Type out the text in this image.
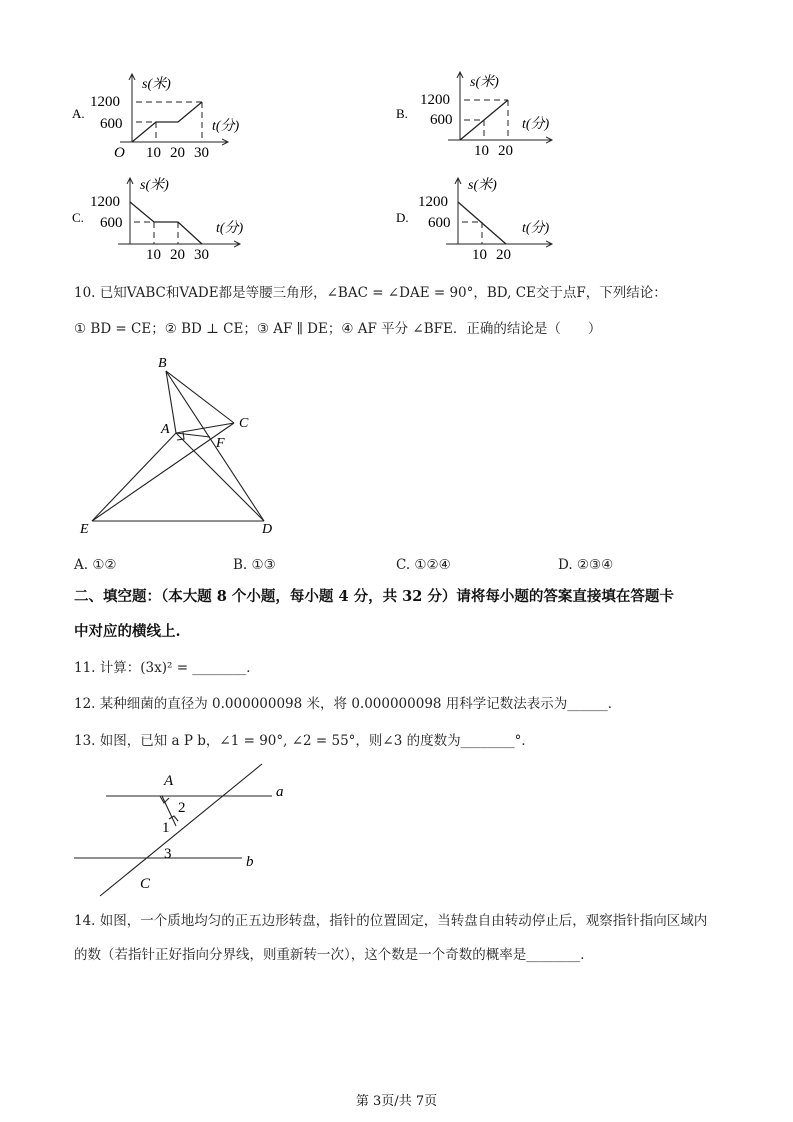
A.
s(米)
t(分)
O
1200
600
10 20 30
B.
s(米)
t(分)
1200
600
10 20
C.
s(米)
t(分)
1200
600
10 20 30
D.
s(米)
t(分)
1200
600
10 20
10. 已知VABC和VADE都是等腰三角形，∠BAC = ∠DAE = 90°，BD, CE交于点F，下列结论：
① BD = CE；② BD ⊥ CE；③ AF ∥ DE；④ AF 平分 ∠BFE．正确的结论是（　　）
B
A	C
F
E	D
A. ①②	B. ①③	C. ①②④	D. ②③④
二、填空题：（本大题 8 个小题，每小题 4 分，共 32 分）请将每小题的答案直接填在答题卡
中对应的横线上.
11. 计算：(3x)² = ________．
12. 某种细菌的直径为 0.000000098 米，将 0.000000098 用科学记数法表示为______．
13. 如图，已知 a P b，∠1 = 90°, ∠2 = 55°，则∠3 的度数为________°．
A
a
2
1
3	b
C
14. 如图，一个质地均匀的正五边形转盘，指针的位置固定，当转盘自由转动停止后，观察指针指向区域内
的数（若指针正好指向分界线，则重新转一次），这个数是一个奇数的概率是________．
第 3页/共 7页
